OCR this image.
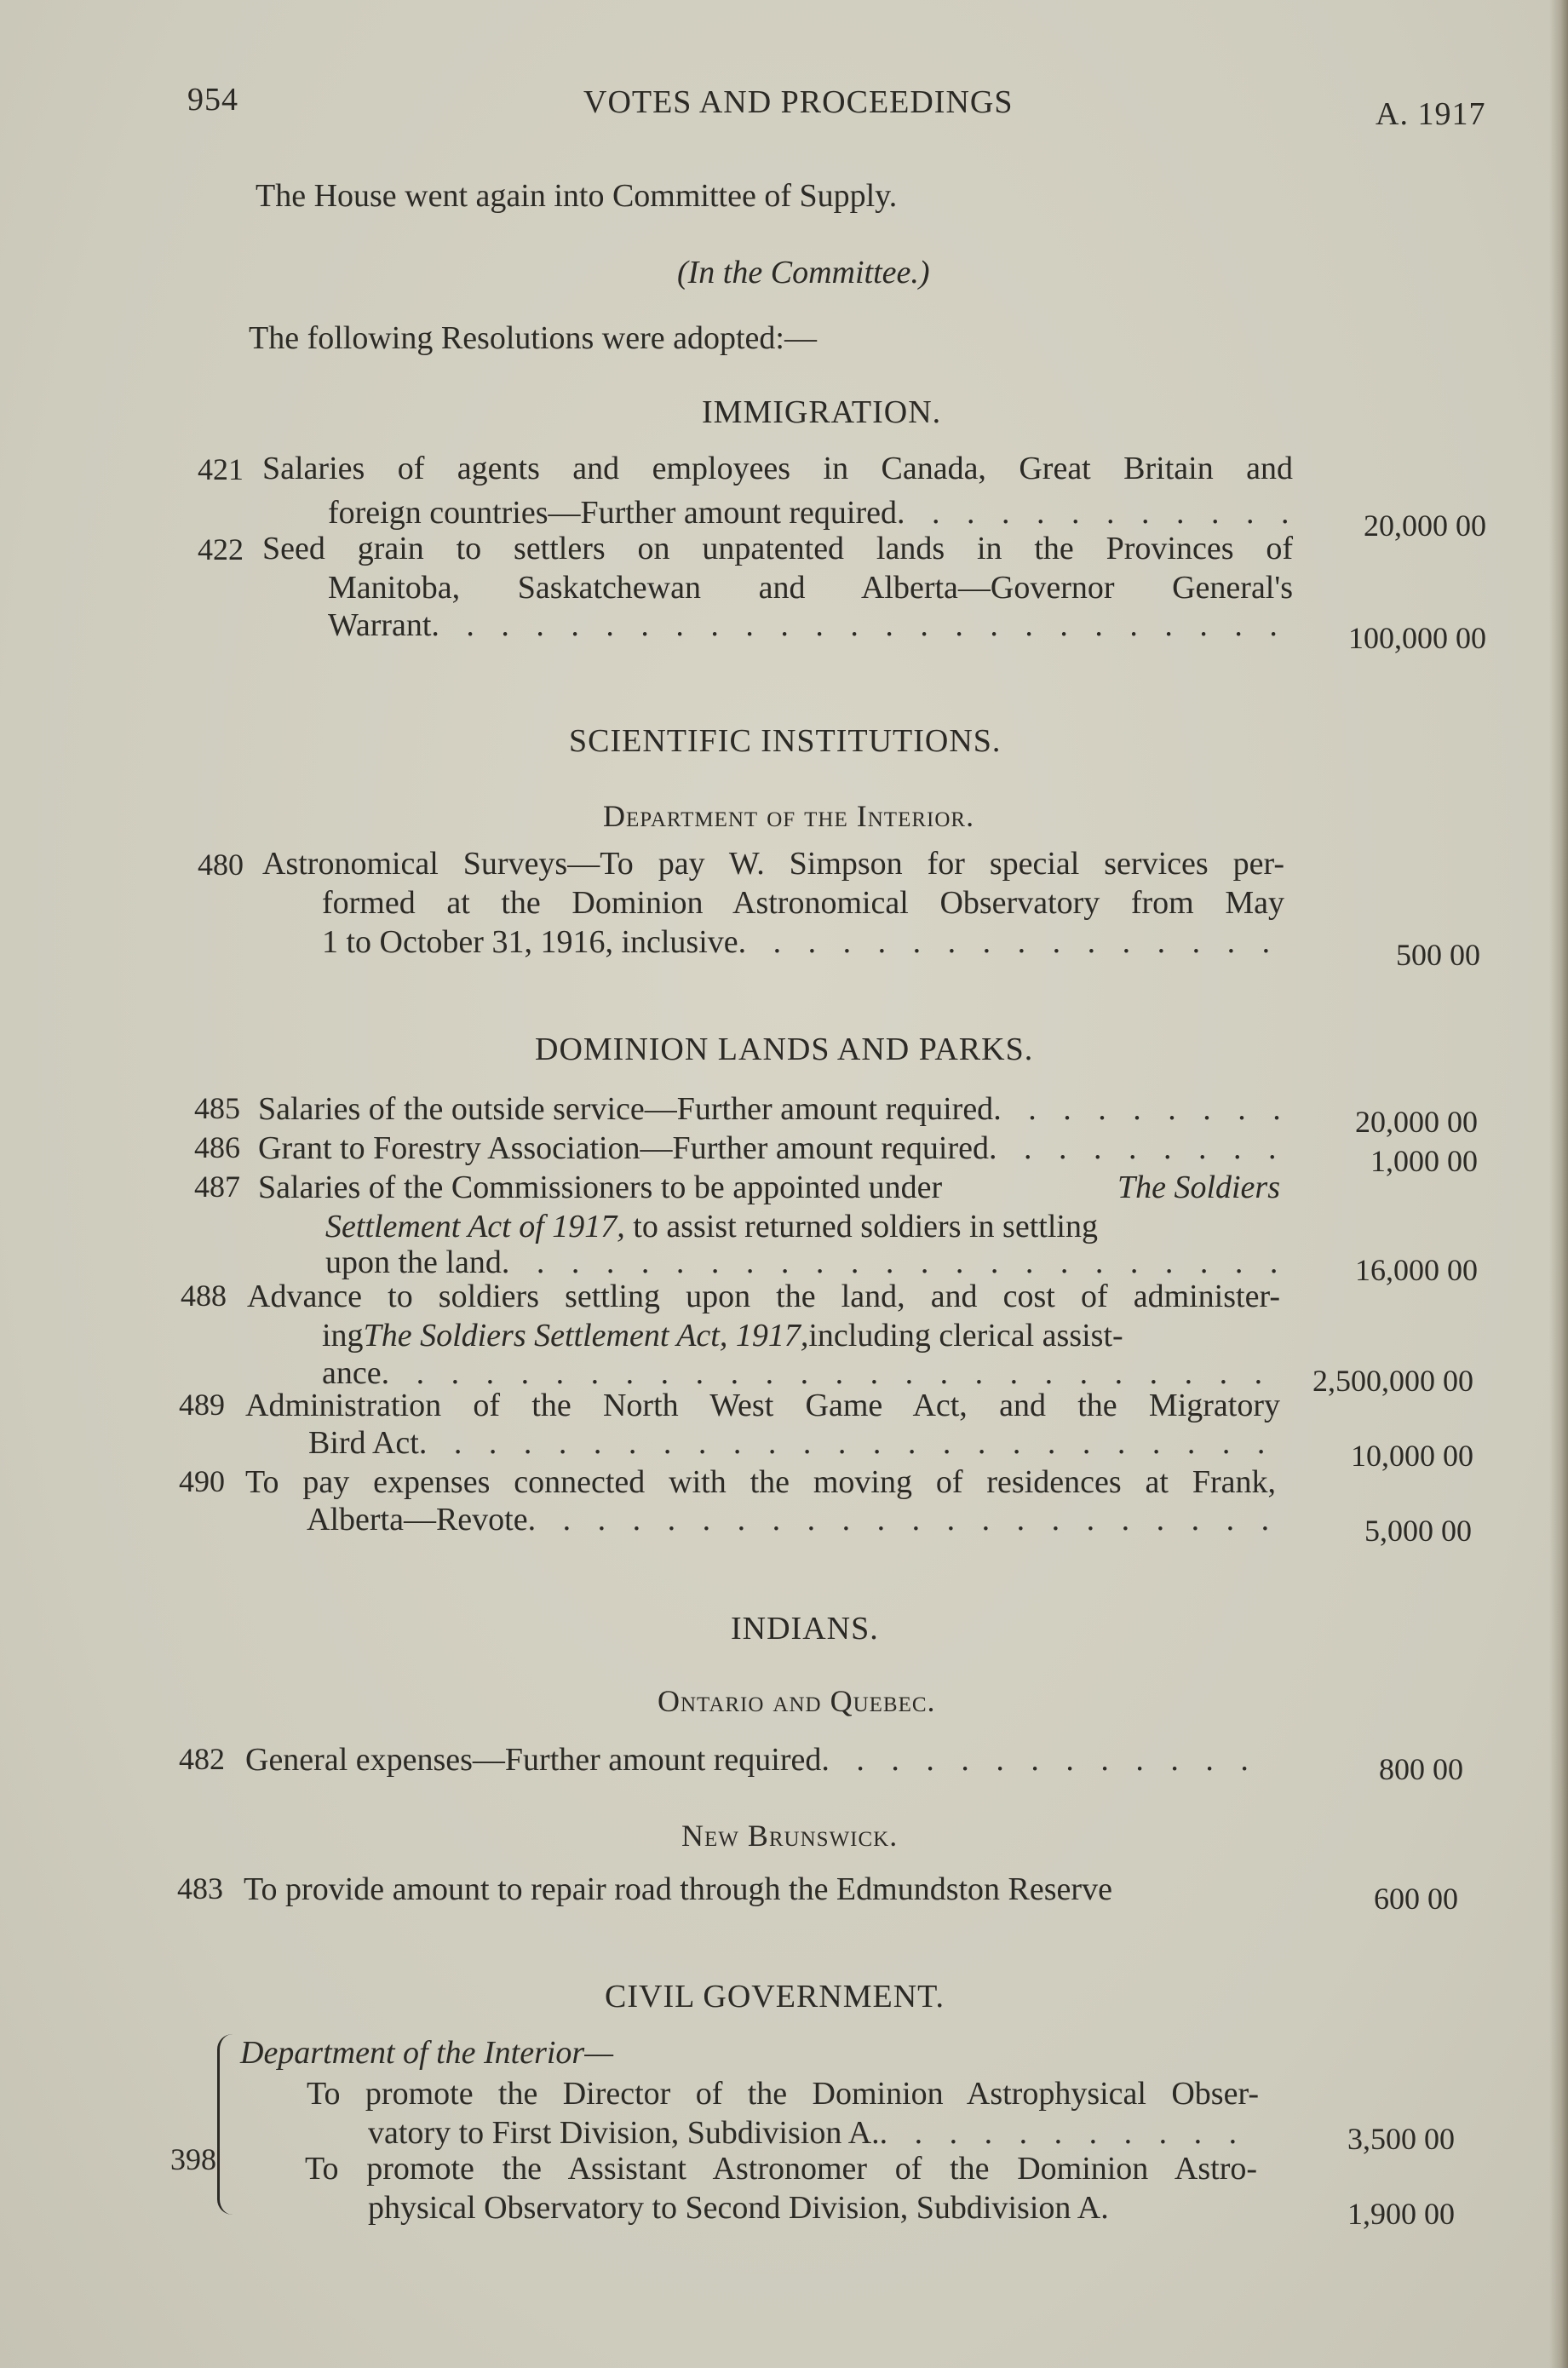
954	VOTES AND PROCEEDINGS	A. 1917
The House went again into Committee of Supply.
(In the Committee.)
The following Resolutions were adopted:—
IMMIGRATION.
421 Salaries of agents and employees in Canada, Great Britain and
foreign countries—Further amount required . . .	20,000 00
422 Seed grain to settlers on unpatented lands in the Provinces of
Manitoba, Saskatchewan and Alberta—Governor General's
Warrant . . .	100,000 00
SCIENTIFIC INSTITUTIONS.
Department of the Interior.
480 Astronomical Surveys—To pay W. Simpson for special services per-
formed at the Dominion Astronomical Observatory from May
1 to October 31, 1916, inclusive . . .	500 00
DOMINION LANDS AND PARKS.
485 Salaries of the outside service—Further amount required . . .	20,000 00
486 Grant to Forestry Association—Further amount required . . .	1,000 00
487 Salaries of the Commissioners to be appointed under	The Soldiers
Settlement Act of 1917, to assist returned soldiers in settling
upon the land . . .	16,000 00
488 Advance to soldiers settling upon the land, and cost of administer-
ing The Soldiers Settlement Act, 1917, including clerical assist-
ance . . .	2,500,000 00
489 Administration of the North West Game Act, and the Migratory
Bird Act . . .	10,000 00
490 To pay expenses connected with the moving of residences at Frank,
Alberta—Revote . . .	5,000 00
INDIANS.
Ontario and Quebec.
482 General expenses—Further amount required . . .	800 00
New Brunswick.
483 To provide amount to repair road through the Edmundston Reserve	600 00
CIVIL GOVERNMENT.
398
Department of the Interior—
To promote the Director of the Dominion Astrophysical Obser-
vatory to First Division, Subdivision A. . . .	3,500 00
To promote the Assistant Astronomer of the Dominion Astro-
physical Observatory to Second Division, Subdivision A.	1,900 00
